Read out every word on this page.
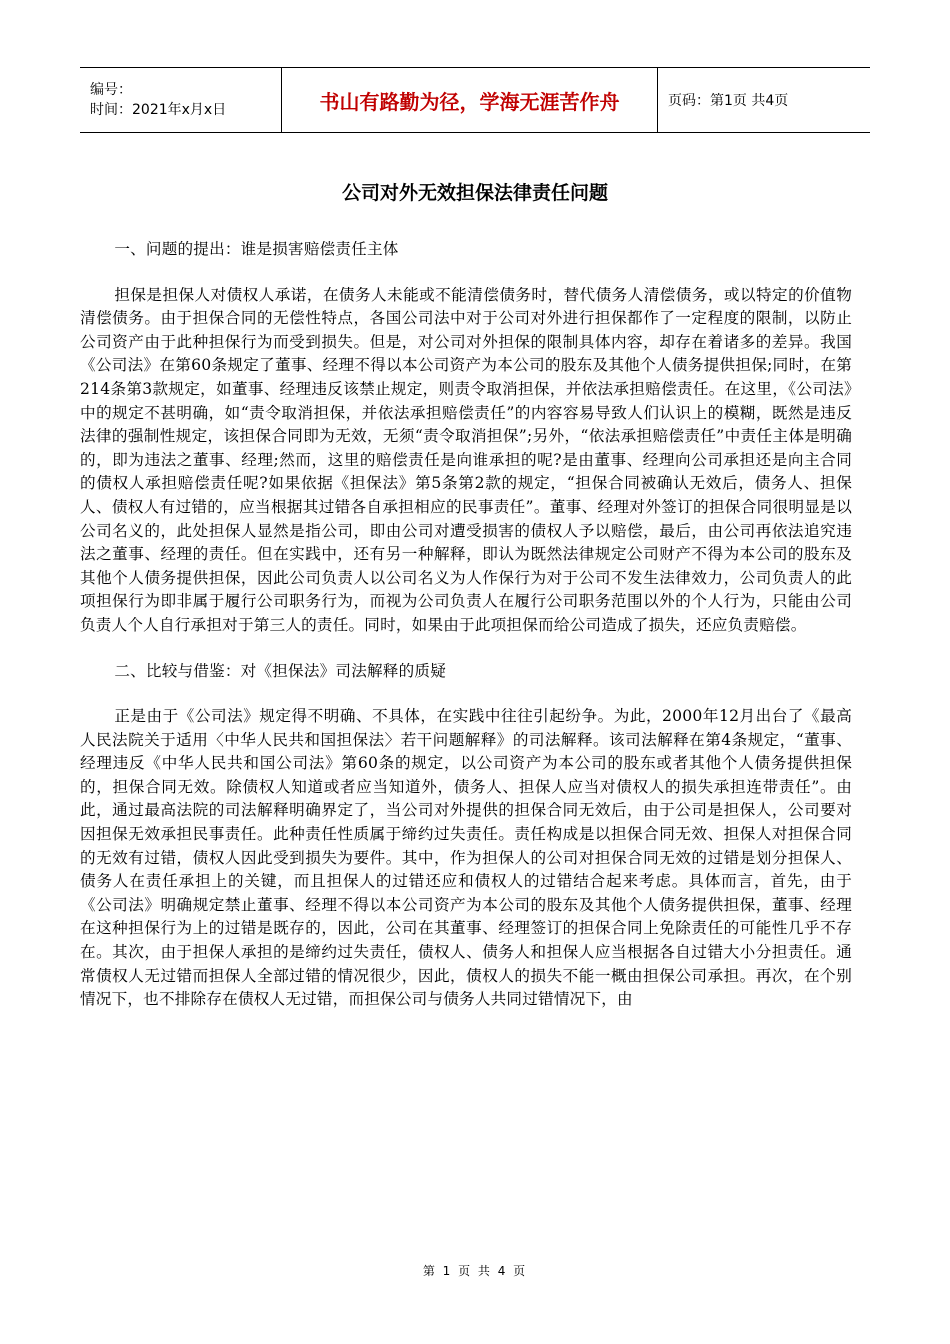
编号：
时间：2021年x月x日	书山有路勤为径，学海无涯苦作舟	页码：第1页 共4页
公司对外无效担保法律责任问题
一、问题的提出：谁是损害赔偿责任主体
担保是担保人对债权人承诺，在债务人未能或不能清偿债务时，替代债务人清偿债务，或以特定的价值物清偿债务。由于担保合同的无偿性特点，各国公司法中对于公司对外进行担保都作了一定程度的限制，以防止公司资产由于此种担保行为而受到损失。但是，对公司对外担保的限制具体内容，却存在着诸多的差异。我国《公司法》在第60条规定了董事、经理不得以本公司资产为本公司的股东及其他个人债务提供担保;同时，在第214条第3款规定，如董事、经理违反该禁止规定，则责令取消担保，并依法承担赔偿责任。在这里，《公司法》中的规定不甚明确，如“责令取消担保，并依法承担赔偿责任”的内容容易导致人们认识上的模糊，既然是违反法律的强制性规定，该担保合同即为无效，无须“责令取消担保”;另外，“依法承担赔偿责任”中责任主体是明确的，即为违法之董事、经理;然而，这里的赔偿责任是向谁承担的呢?是由董事、经理向公司承担还是向主合同的债权人承担赔偿责任呢?如果依据《担保法》第5条第2款的规定，“担保合同被确认无效后，债务人、担保人、债权人有过错的，应当根据其过错各自承担相应的民事责任”。董事、经理对外签订的担保合同很明显是以公司名义的，此处担保人显然是指公司，即由公司对遭受损害的债权人予以赔偿，最后，由公司再依法追究违法之董事、经理的责任。但在实践中，还有另一种解释，即认为既然法律规定公司财产不得为本公司的股东及其他个人债务提供担保，因此公司负责人以公司名义为人作保行为对于公司不发生法律效力，公司负责人的此项担保行为即非属于履行公司职务行为，而视为公司负责人在履行公司职务范围以外的个人行为，只能由公司负责人个人自行承担对于第三人的责任。同时，如果由于此项担保而给公司造成了损失，还应负责赔偿。
二、比较与借鉴：对《担保法》司法解释的质疑
正是由于《公司法》规定得不明确、不具体，在实践中往往引起纷争。为此，2000年12月出台了《最高人民法院关于适用〈中华人民共和国担保法〉若干问题解释》的司法解释。该司法解释在第4条规定，“董事、经理违反《中华人民共和国公司法》第60条的规定，以公司资产为本公司的股东或者其他个人债务提供担保的，担保合同无效。除债权人知道或者应当知道外，债务人、担保人应当对债权人的损失承担连带责任”。由此，通过最高法院的司法解释明确界定了，当公司对外提供的担保合同无效后，由于公司是担保人，公司要对因担保无效承担民事责任。此种责任性质属于缔约过失责任。责任构成是以担保合同无效、担保人对担保合同的无效有过错，债权人因此受到损失为要件。其中，作为担保人的公司对担保合同无效的过错是划分担保人、债务人在责任承担上的关键，而且担保人的过错还应和债权人的过错结合起来考虑。具体而言，首先，由于《公司法》明确规定禁止董事、经理不得以本公司资产为本公司的股东及其他个人债务提供担保，董事、经理在这种担保行为上的过错是既存的，因此，公司在其董事、经理签订的担保合同上免除责任的可能性几乎不存在。其次，由于担保人承担的是缔约过失责任，债权人、债务人和担保人应当根据各自过错大小分担责任。通常债权人无过错而担保人全部过错的情况很少，因此，债权人的损失不能一概由担保公司承担。再次，在个别情况下，也不排除存在债权人无过错，而担保公司与债务人共同过错情况下，由
第 1 页 共 4 页
